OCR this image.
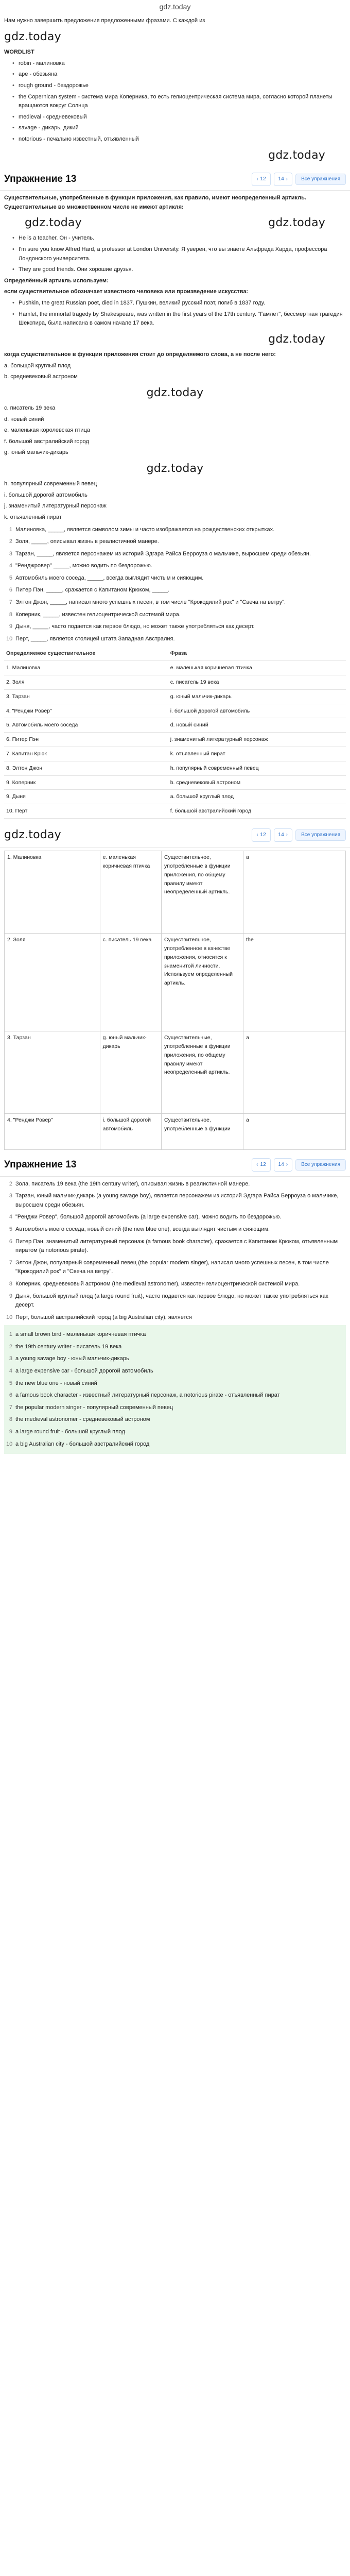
gdz.today

Нам нужно завершить предложения предложенными фразами. С каждой из

gdz.today

WORDLIST

• robin - малиновка
• ape - обезьяна
• rough ground - бездорожье
• the Copernican system - система мира Коперника, то есть гелиоцентрическая система мира, согласно которой планеты вращаются вокруг Солнца
• medieval - средневековый
• savage - дикарь, дикий
• notorious - печально известный, отъявленный
gdz.today
Упражнение 13	‹ 12 14 ›	Все упражнения

Существительные, употребленные в функции приложения, как правило, имеют неопределенный артикль. Существительные во множественном числе не имеют артикля:

gdz.today	gdz.today
• He is a teacher. Он - учитель.
• I'm sure you know Alfred Hard, a professor at London University. Я уверен, что вы знаете Альфреда Харда, профессора Лондонского университета.
• They are good friends. Они хорошие друзья.

Определённый артикль используем:

если существительное обозначает известного человека или произведение искусства:

• Pushkin, the great Russian poet, died in 1837. Пушкин, великий русский поэт, погиб в 1837 году.
• Hamlet, the immortal tragedy by Shakespeare, was written in the first years of the 17th century. "Гамлет", бессмертная трагедия Шекспира, была написана в самом начале 17 века.
gdz.today

когда существительное в функции приложения стоит до определяемого слова, а не после него:

a. больщой круглый плод

b. средневековый астроном

gdz.today

c. писатель 19 века

d. новый синий

e. маленькая королевская птица

f. большой австралийский город

g. юный мальчик-дикарь

gdz.today

h. популярный современный певец

i. большой дорогой автомобиль

j. знаменитый литературный персонаж

k. отъявленный пират

1 Малиновка, _____, является символом зимы и часто изображается на рождественских открытках.
2 Золя, _____, описывал жизнь в реалистичной манере.
3 Тарзан, _____, является персонажем из историй Эдгара Райса Берроуза о мальчике, выросшем среди обезьян.
4 "Ренджровер" _____, можно водить по бездорожью.
5 Автомобиль моего соседа, _____, всегда выглядит чистым и сияющим.
6 Питер Пэн, _____, сражается с Капитаном Крюком, _____.
7 Элтон Джон, _____, написал много успешных песен, в том числе "Крокодилий рок" и "Свеча на ветру".
8 Коперник, _____, известен гелиоцентрической системой мира.
9 Дыня, _____, часто подается как первое блюдо, но может также употребляться как десерт.
10 Перт, _____, является столицей штата Западная Австралия.
Определяемое существительное	Фраза
1. Малиновка	e. маленькая коричневая птичка
2. Золя	c. писатель 19 века
3. Тарзан	g. юный мальчик-дикарь
4. "Ренджи Ровер"	i. большой дорогой автомобиль
5. Автомобиль моего соседа	d. новый синий
6. Питер Пэн	j. знаменитый литературный персонаж
7. Капитан Крюк	k. отъявленный пират
8. Элтон Джон	h. популярный современный певец
9. Коперник	b. средневековый астроном
9. Дыня	a. большой круглый плод
10. Перт	f. большой австралийский город
gdz.today	‹ 12 14 ›	Все упражнения
1. Малиновка	e. маленькая коричневая птичка	Существительное, употребленные в функции приложения, по общему правилу имеют неопределенный артикль.	a
2. Золя	c. писатель 19 века	Существительное, употребленное в качестве приложения, относится к знаменитой личности. Используем определенный артикль.	the
3. Тарзан	g. юный мальчик-дикарь	Существительные, употребленные в функции приложения, по общему правилу имеют неопределенный артикль.	a
4. "Ренджи Ровер"	i. большой дорогой автомобиль	Существительное, употребленные в функции	a
Упражнение 13	‹ 12 14 ›	Все упражнения
2 Зола, писатель 19 века (the 19th century writer), описывал жизнь в реалистичной манере.
3 Тарзан, юный мальчик-дикарь (a young savage boy), является персонажем из историй Эдгара Райса Берроуза о мальчике, выросшем среди обезьян.
4 "Ренджи Ровер", большой дорогой автомобиль (a large expensive car), можно водить по бездорожью.
5 Автомобиль моего соседа, новый синий (the new blue one), всегда выглядит чистым и сияющим.
6 Питер Пэн, знаменитый литературный персонаж (a famous book character), сражается с Капитаном Крюком, отъявленным пиратом (a notorious pirate).
7 Элтон Джон, популярный современный певец (the popular modern singer), написал много успешных песен, в том числе "Крокодилий рок" и "Свеча на ветру".
8 Коперник, средневековый астроном (the medieval astronomer), известен гелиоцентрической системой мира.
9 Дыня, большой круглый плод (a large round fruit), часто подается как первое блюдо, но может также употребляться как десерт.
10 Перт, большой австралийский город (a big Australian city), является
1 a small brown bird - маленькая коричневая птичка
2 the 19th century writer - писатель 19 века
3 a young savage boy - юный мальчик-дикарь
4 a large expensive car - большой дорогой автомобиль
5 the new blue one - новый синий
6 a famous book character - известный литературный персонаж, a notorious pirate - отъявленный пират
7 the popular modern singer - популярный современный певец
8 the medieval astronomer - средневековый астроном
9 a large round fruit - большой круглый плод
10 a big Australian city - большой австралийский город
